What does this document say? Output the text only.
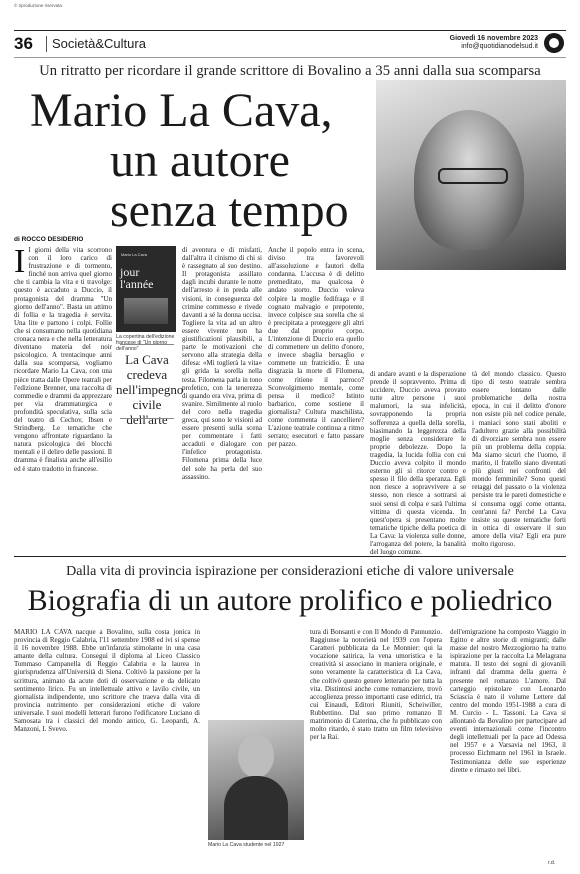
© riproduzione riservata
36 Società&Cultura	Giovedì 16 novembre 2023
info@quotidianodelsud.it
Un ritratto per ricordare il grande scrittore di Bovalino a 35 anni dalla sua scomparsa
Mario La Cava,
un autore
senza tempo
di ROCCO DESIDERIO
I I giorni della vita scorrono con il loro carico di frustrazione e di tormento, finché non arriva quel giorno che ti cambia la vita e ti travolge: questo è accaduto a Duccio, il protagonista del dramma "Un giorno dell'anno". Basta un attimo di follia e la tragedia è servita. Una lite e partono i colpi. Follie che si consumano nella quotidiana cronaca nera e che nella letteratura diventano materia del noir psicologico. A trentacinque anni dalla sua scomparsa, vogliamo ricordare Mario La Cava, con una pièce tratta dalle Opere teatrali per l'edizione Brenner, una raccolta di commedie e drammi da apprezzare per via drammaturgica e profondità speculativa, sulla scia del teatro di Cechov, Ibsen e Strindberg. Le tematiche che vengono affrontate riguardano la natura psicologica dei blocchi mentali e il deliro delle passioni. Il dramma è finalista anche all'esilio ed è stato tradotto in francese.
Mario La Cava
jour l'année
La copertina dell'edizione francese di "Un giorno dell'anno"
La Cava credeva nell'impegno civile dell'arte
di aventura e di misfatti, dall'altra il cinismo di chi si è rassegnato al suo destino. Il protagonista assillato dagli incubi durante le notte dell'arresto è in preda alle visioni, in conseguenza del crimine commesso e rivede davanti a sé la donna uccisa. Togliere la vita ad un altro essere vivente non ha giustificazioni plausibili, a parte le motivazioni che servono alla strategia della difesa: «Mi toglierà la vita» gli grida la sorella nella testa. Filomena parla in tono profetico, con la tenerezza di quando era viva, prima di svanire. Similmente al ruolo del coro nella tragedia greca, qui sono le visioni ad essere presenti sulla scena per commentare i fatti accaduti e dialogare con l'infelice protagonista. Filomena prima della luce del sole ha perla del suo assassino.
Anche il popolo entra in scena, diviso tra favorevoli all'assoluzione e fautori della condanna. L'accusa è di delitto premeditato, ma qualcosa è andato storto. Duccio voleva colpire la moglie fedifraga e il cognato malvagio e prepotente, invece colpisce sua sorella che si è precipitata a proteggere gli altri due dal proprio corpo. L'intenzione di Duccio era quello di commettere un delitto d'onore, e invece sbaglia bersaglio e commette un fratricidio. È una disgrazia la morte di Filomena, come ritiene il parroco? Sconvolgimento mentale, come pensa il medico? Istinto barbarico, come sostiene il giornalista? Cultura maschilista, come commenta il cancelliere? L'azione teatrale continua a ritmo serrato; esecutori e fatto passare per pazzo.
di andare avanti e la disperazione prende il sopravvento. Prima di uccidere, Duccio aveva provato tutte altre persone i suoi malumori, la sua infelicità, sovrapponendo la propria sofferenza a quella della sorella, biasimando la leggerezza della moglie senza considerare le proprie debolezze. Dopo la tragedia, la lucida follia con cui Duccio aveva colpito il mondo esterno gli si ritorce contro e spesso il filo della speranza. Egli non riesce a sopravvivere a se stesso, non riesce a sottrarsi ai suoi sensi di colpa e sarà l'ultima vittima di questa vicenda. In quest'opera si presentano molte tematiche tipiche della poetica di La Cava: la violenza sulle donne, l'arroganza del potere, la banalità del luogo comune.
tà del mondo classico. Questo tipo di testo teatrale sembra essere lontano dalle problematiche della nostra epoca, in cui il delitto d'onore non esiste più nel codice penale, i maniaci sono stati aboliti e l'adultero grazie alla possibilità di divorziare sembra non essere più un problema della coppia. Ma siamo sicuri che l'uomo, il marito, il fratello siano diventati più giusti nei confronti del mondo femminile? Sono questi retaggi del passato o la violenza persiste tra le pareti domestiche e si consuma oggi come ottanta, cent'anni fa? Perché La Cava insiste su queste tematiche forti in ottica di osservare il suo amore della vita? Egli era pure molto rigoroso.
Dalla vita di provincia ispirazione per considerazioni etiche di valore universale
Biografia di un autore prolifico e poliedrico
MARIO LA CAVA nacque a Bovalino, sulla costa jonica in provincia di Reggio Calabria, l'11 settembre 1908 ed ivi si spense il 16 novembre 1988. Ebbe un'infanzia stimolante in una casa amante della cultura. Conseguì il diploma al Liceo Classico Tommaso Campanella di Reggio Calabria e la laurea in giurisprudenza all'Università di Siena. Coltivò la passione per la scrittura, animato da acute doti di osservazione e da delicato sentimento lirico. Fu un intellettuale attivo e lavilo civile, un giornalista indipendente, uno scrittore che traeva dalla vita di provincia nutrimento per considerazioni etiche di valore universale. I suoi modelli letterari furono l'edificatore Luciano di Samosata tra i classici del mondo antico, G. Leopardi, A. Manzoni, I. Svevo.
Mario La Cava studente nel 1927
tura di Bonsanti e con Il Mondo di Pannunzio. Raggiunse la notorietà nel 1939 con l'opera Caratteri pubblicata da Le Monnier: qui la vocazione satirica, la vena umoristica e la creatività si associano in maniera originale, e sono veramente la caratteristica di La Cava, che coltivò questo genere letterario per tutta la vita. Distintosi anche come romanziere, trovò accoglienza presso importanti case editrici, tra cui Einaudi, Editori Riuniti, Scheiwiller, Rubbettino. Dal suo primo romanzo Il matrimonio di Caterina, che fu pubblicato con molto ritardo, è stato tratto un film televisivo per la Rai.
dell'emigrazione ha composto Viaggio in Egitto e altre storie di emigranti; dalle masse del nostro Mezzogiorno ha tratto ispirazione per la raccolta La Melagrana matura. Il testo dei sogni di giovanili infranti dal dramma della guerra è presente nel romanzo L'amore. Dal carteggio epistolare con Leonardo Sciascia è nato il volume Lettere dal centro del mondo 1951-1988 a cura di M. Curcio - L. Tassoni. La Cava si allontanò da Bovalino per partecipare ad eventi internazionali come l'incontro degli intellettuali per la pace ad Odessa nel 1957 e a Varsavia nel 1963, il processo Eichmann nel 1961 in Israele. Testimonianza delle sue esperienze dirette e rimasto nei libri.
r.d.
